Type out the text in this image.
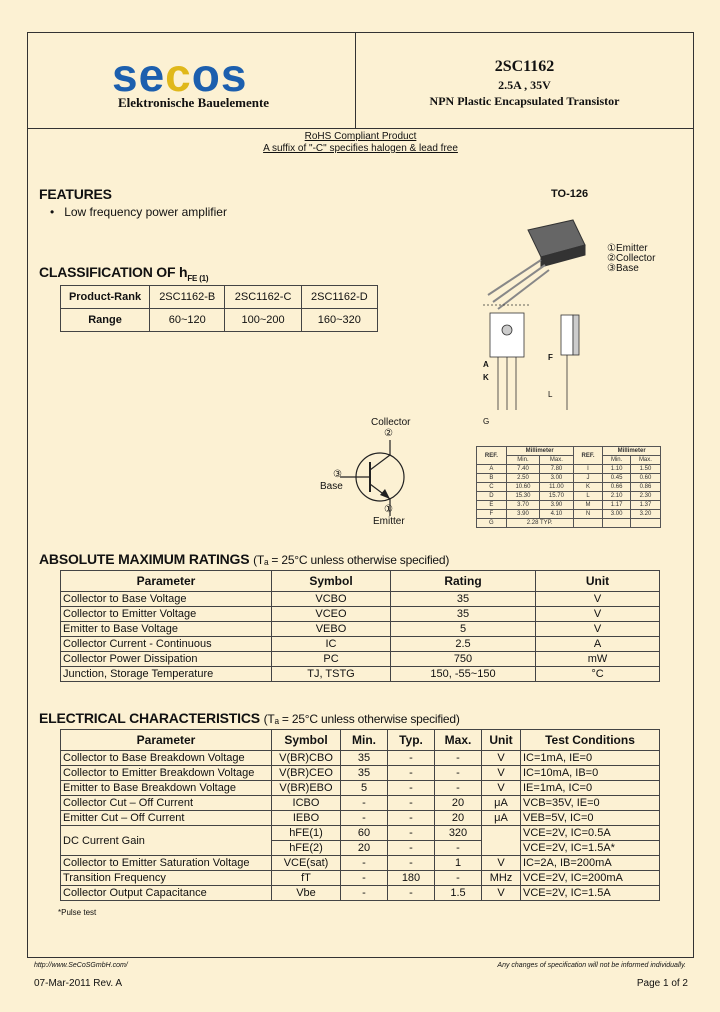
secos
Elektronische Bauelemente
2SC1162
2.5A , 35V
NPN Plastic Encapsulated Transistor
RoHS Compliant Product
A suffix of "-C" specifies halogen & lead free
FEATURES
•   Low frequency power amplifier
TO-126
①Emitter
②Collector
③Base
A
F
K
L
G
CLASSIFICATION OF $h_{FE (1)}$
Product-Rank	2SC1162-B	2SC1162-C	2SC1162-D
Range	60~120	100~200	160~320
Collector
②
③
Base
①
Emitter
REF.	Millimeter		REF.	Millimeter	
	Min.	Max.		Min.	Max.
A	7.40	7.80	I	1.10	1.50
B	2.50	3.00	J	0.45	0.60
C	10.60	11.00	K	0.66	0.86
D	15.30	15.70	L	2.10	2.30
E	3.70	3.90	M	1.17	1.37
F	3.90	4.10	N	3.00	3.20
G	2.28 TYP.				
ABSOLUTE MAXIMUM RATINGS (Tₐ = 25°C unless otherwise specified)
Parameter	Symbol	Rating	Unit
Collector to Base Voltage	VCBO	35	V
Collector to Emitter Voltage	VCEO	35	V
Emitter to Base Voltage	VEBO	5	V
Collector Current - Continuous	IC	2.5	A
Collector Power Dissipation	PC	750	mW
Junction, Storage Temperature	TJ, TSTG	150, -55~150	°C
ELECTRICAL CHARACTERISTICS (Tₐ = 25°C unless otherwise specified)
Parameter	Symbol	Min.	Typ.	Max.	Unit	Test Conditions
Collector to Base Breakdown Voltage	V(BR)CBO	35	-	-	V	IC=1mA, IE=0
Collector to Emitter Breakdown Voltage	V(BR)CEO	35	-	-	V	IC=10mA, IB=0
Emitter to Base Breakdown Voltage	V(BR)EBO	5	-	-	V	IE=1mA, IC=0
Collector Cut – Off Current	ICBO	-	-	20	μA	VCB=35V, IE=0
Emitter Cut – Off Current	IEBO	-	-	20	μA	VEB=5V, IC=0
DC Current Gain	hFE(1)	60	-	320		VCE=2V, IC=0.5A
	hFE(2)	20	-	-		VCE=2V, IC=1.5A*
Collector to Emitter Saturation Voltage	VCE(sat)	-	-	1	V	IC=2A, IB=200mA
Transition Frequency	fT	-	180	-	MHz	VCE=2V, IC=200mA
Collector Output Capacitance	Vbe	-	-	1.5	V	VCE=2V, IC=1.5A
*Pulse test
http://www.SeCoSGmbH.com/	Any changes of specification will not be informed individually.
07-Mar-2011 Rev. A	Page 1 of 2
